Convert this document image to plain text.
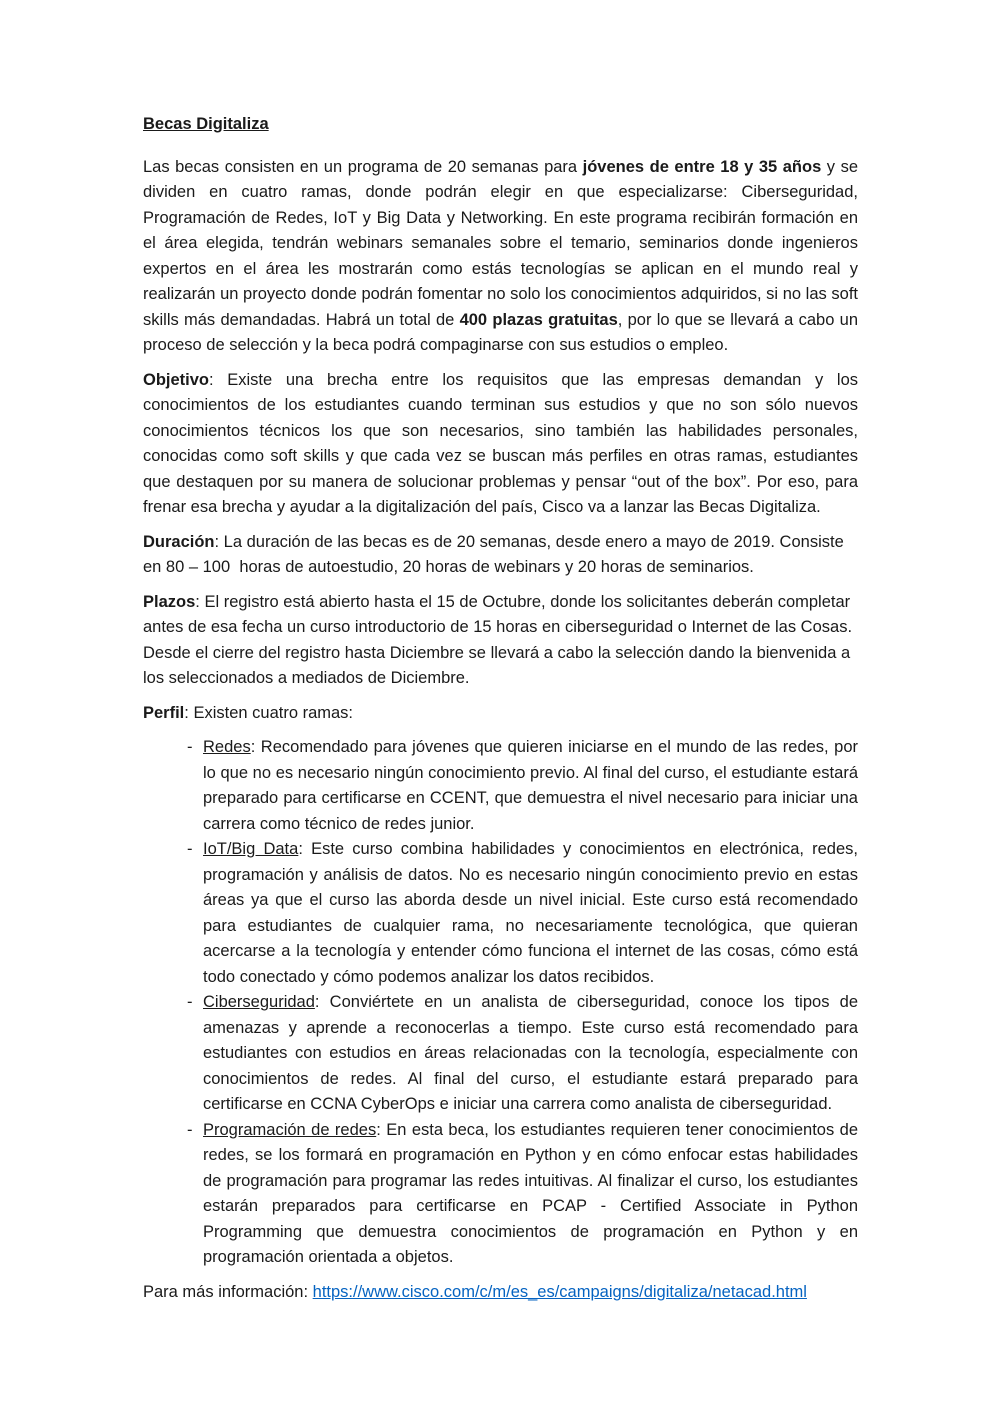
Becas Digitaliza

Las becas consisten en un programa de 20 semanas para jóvenes de entre 18 y 35 años y se dividen en cuatro ramas, donde podrán elegir en que especializarse: Ciberseguridad, Programación de Redes, IoT y Big Data y Networking. En este programa recibirán formación en el área elegida, tendrán webinars semanales sobre el temario, seminarios donde ingenieros expertos en el área les mostrarán como estás tecnologías se aplican en el mundo real y realizarán un proyecto donde podrán fomentar no solo los conocimientos adquiridos, si no las soft skills más demandadas. Habrá un total de 400 plazas gratuitas, por lo que se llevará a cabo un proceso de selección y la beca podrá compaginarse con sus estudios o empleo.

Objetivo: Existe una brecha entre los requisitos que las empresas demandan y los conocimientos de los estudiantes cuando terminan sus estudios y que no son sólo nuevos conocimientos técnicos los que son necesarios, sino también las habilidades personales, conocidas como soft skills y que cada vez se buscan más perfiles en otras ramas, estudiantes que destaquen por su manera de solucionar problemas y pensar “out of the box”. Por eso, para frenar esa brecha y ayudar a la digitalización del país, Cisco va a lanzar las Becas Digitaliza.

Duración: La duración de las becas es de 20 semanas, desde enero a mayo de 2019. Consiste en 80 – 100  horas de autoestudio, 20 horas de webinars y 20 horas de seminarios.

Plazos: El registro está abierto hasta el 15 de Octubre, donde los solicitantes deberán completar antes de esa fecha un curso introductorio de 15 horas en ciberseguridad o Internet de las Cosas. Desde el cierre del registro hasta Diciembre se llevará a cabo la selección dando la bienvenida a los seleccionados a mediados de Diciembre.

Perfil: Existen cuatro ramas:

- Redes: Recomendado para jóvenes que quieren iniciarse en el mundo de las redes, por lo que no es necesario ningún conocimiento previo. Al final del curso, el estudiante estará preparado para certificarse en CCENT, que demuestra el nivel necesario para iniciar una carrera como técnico de redes junior.
- IoT/Big Data: Este curso combina habilidades y conocimientos en electrónica, redes, programación y análisis de datos. No es necesario ningún conocimiento previo en estas áreas ya que el curso las aborda desde un nivel inicial. Este curso está recomendado para estudiantes de cualquier rama, no necesariamente tecnológica, que quieran acercarse a la tecnología y entender cómo funciona el internet de las cosas, cómo está todo conectado y cómo podemos analizar los datos recibidos.
- Ciberseguridad: Conviértete en un analista de ciberseguridad, conoce los tipos de amenazas y aprende a reconocerlas a tiempo. Este curso está recomendado para estudiantes con estudios en áreas relacionadas con la tecnología, especialmente con conocimientos de redes. Al final del curso, el estudiante estará preparado para certificarse en CCNA CyberOps e iniciar una carrera como analista de ciberseguridad.
- Programación de redes: En esta beca, los estudiantes requieren tener conocimientos de redes, se los formará en programación en Python y en cómo enfocar estas habilidades de programación para programar las redes intuitivas. Al finalizar el curso, los estudiantes estarán preparados para certificarse en PCAP - Certified Associate in Python Programming que demuestra conocimientos de programación en Python y en programación orientada a objetos.

Para más información: https://www.cisco.com/c/m/es_es/campaigns/digitaliza/netacad.html
